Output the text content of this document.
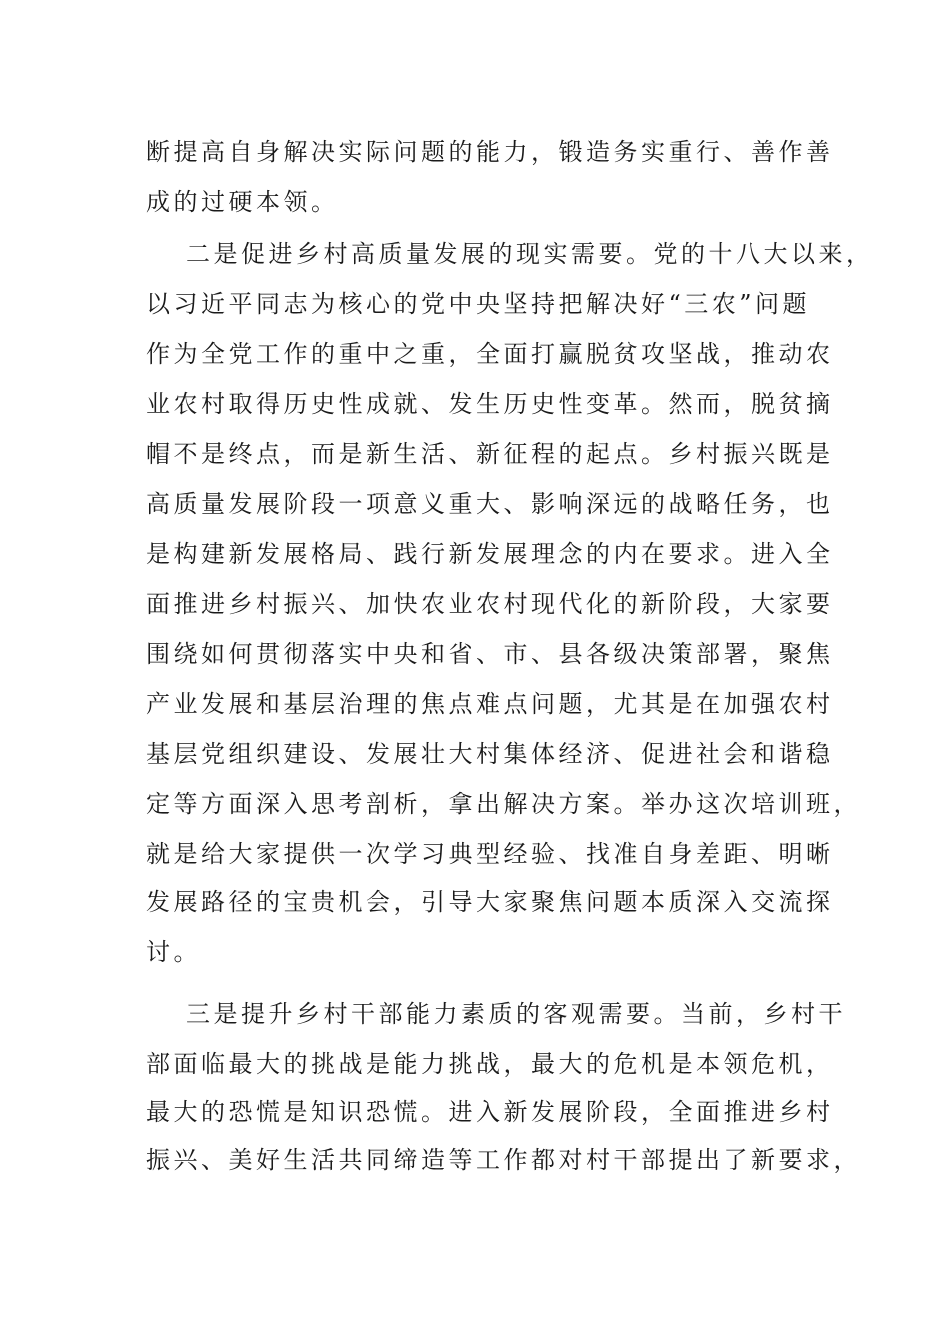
断提高自身解决实际问题的能力，锻造务实重行、善作善
成的过硬本领。
二是促进乡村高质量发展的现实需要。党的十八大以来，
以习近平同志为核心的党中央坚持把解决好“三农”问题
作为全党工作的重中之重，全面打赢脱贫攻坚战，推动农
业农村取得历史性成就、发生历史性变革。然而，脱贫摘
帽不是终点，而是新生活、新征程的起点。乡村振兴既是
高质量发展阶段一项意义重大、影响深远的战略任务，也
是构建新发展格局、践行新发展理念的内在要求。进入全
面推进乡村振兴、加快农业农村现代化的新阶段，大家要
围绕如何贯彻落实中央和省、市、县各级决策部署，聚焦
产业发展和基层治理的焦点难点问题，尤其是在加强农村
基层党组织建设、发展壮大村集体经济、促进社会和谐稳
定等方面深入思考剖析，拿出解决方案。举办这次培训班，
就是给大家提供一次学习典型经验、找准自身差距、明晰
发展路径的宝贵机会，引导大家聚焦问题本质深入交流探
讨。
三是提升乡村干部能力素质的客观需要。当前，乡村干
部面临最大的挑战是能力挑战，最大的危机是本领危机，
最大的恐慌是知识恐慌。进入新发展阶段，全面推进乡村
振兴、美好生活共同缔造等工作都对村干部提出了新要求，
